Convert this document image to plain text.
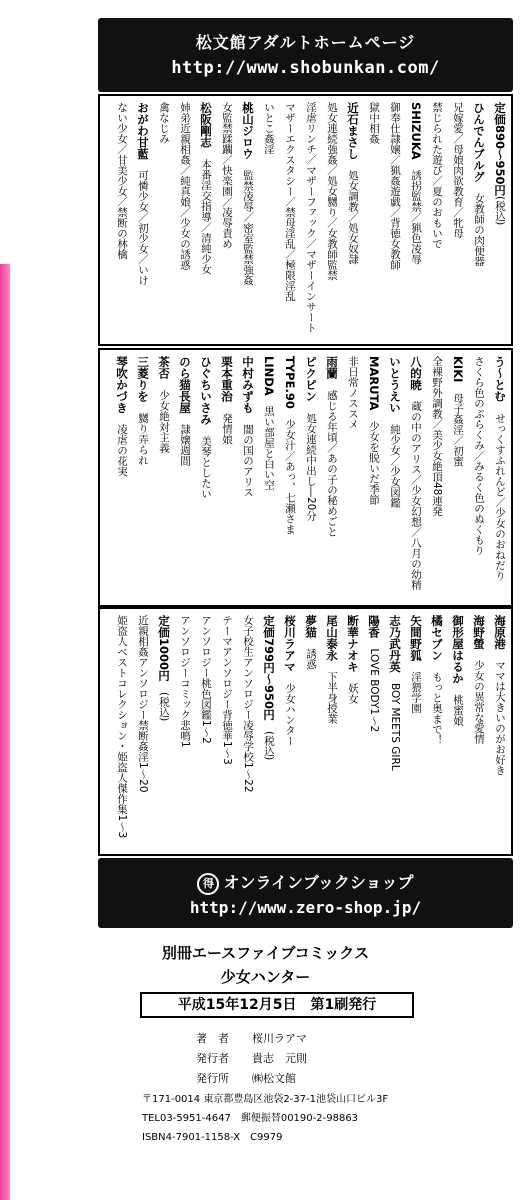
松文館アダルトホームページ
http://www.shobunkan.com/
定価890～950円(税込)
ひんでんブルグ　女教師の肉便器
兄嫁愛／母娘肉欲教育／牝母
禁じられた遊び／夏のおもいで
SHIZUKA　誘拐監禁／猟色凌辱
御奉仕隷嬢／猟姦遊戯／背徳女教師
獄中相姦
近石まさし　処女調教／処女奴隷
処女連続強姦／処女嬲り／女教師監禁
淫虐リンチ／マザーファック／マザーインサート
マザーエクスタシー／禁母淫乱／極限淫乱
いとこ姦淫
桃山ジロウ　監禁凌辱／密室監禁強姦
女監禁蹂躙／快楽園／凌辱責め
松阪剛志　本番淫交指導／清純少女
姉弟近親相姦／純真娘／少女の誘惑
禽なじみ
おがわ甘藍　可憐少女／初少女／いけ
ない少女／甘美少女／禁断の林檎
う～とむ　せっくすふれんど／少女のおねだり
さくら色のぷらくみ／みるく色のぬくもり
KIKI　母子姦淫／初蜜
全裸野外調教／美少女絶頂48連発
八的暁　蔵の中のアリス／少女幻想／八月の幼精
いとうえい　純少女／少女図鑑
MARUTA　少女を脱いだ季節
非日常ノススメ
雨蘭　感じる年頃／あの子の秘めごと
ピクピン　処女連続中出し―20分
TYPE.90　少女汁／あっ、七瀬さま
LINDA　黒い部屋と白い空
中村みずも　闇の国のアリス
栗本重治　発情娘
ひぐちいさみ　美琴としたい
のら猫長屋　隷嬢週間
茶否　少女絶対主義
三菱りを　嬲り弄られ
琴吹かづき　凌虐の花実
海原港　ママは大きいのがお好き
海野螢　少女の異常な愛情
御形屋はるか　桃蜜娘
橘セブン　もっと奥まで！
矢間野狐　淫猥学園
志乃武丹英　BOY MEETS GIRL
陽香　LOVE BODY1～2
断華ナオキ　妖女
尾山泰永　下半身授業
夢猫　誘惑
桜川ラアマ　少女ハンター
定価799円～950円　(税込)
女子校生アンソロジー凌辱学校1～22
テーマアンソロジー背徳華1～3
アンソロジー桃色図鑑1～2
アンソロジーコミック悲鳴1
定価1000円　(税込)
近親相姦アンソロジー禁断姦淫1～20
姫盗人ベストコレクション・姫盗人傑作集1～3
得 オンラインブックショップ
http://www.zero-shop.jp/
別冊エースファイブコミックス
少女ハンター
平成15年12月5日　 第1刷発行
著　者	桜川ラアマ
発行者	貴志　元則
発行所	㈱松文館
〒171-0014 東京都豊島区池袋2-37-1池袋山口ビル3F
TEL03-5951-4647　郵便振替00190-2-98863
ISBN4-7901-1158-X　C9979
